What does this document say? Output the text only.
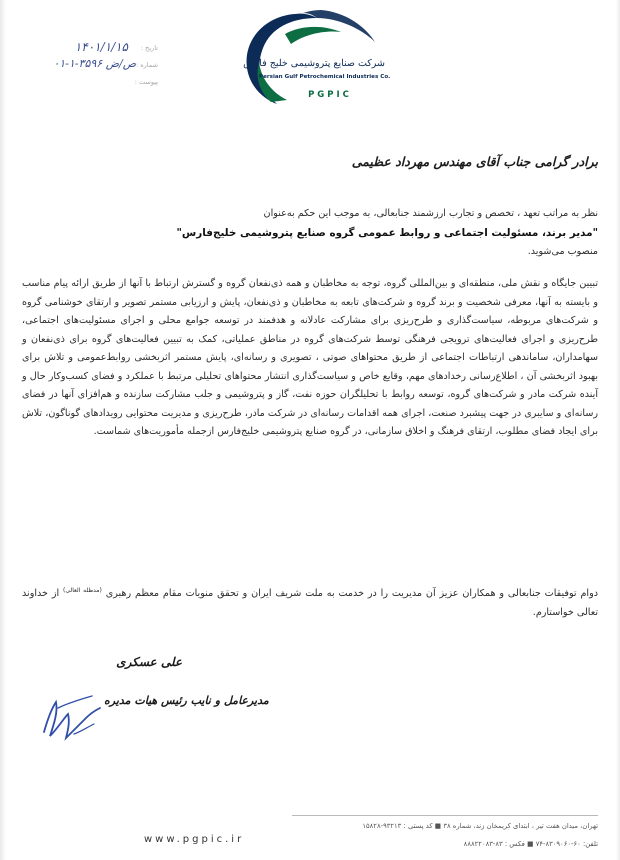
شرکت صنایع پتروشیمی خلیج فارس
Persian Gulf Petrochemical Industries Co.
PGPIC
تاریخ :
۱۴۰۱/۱/۱۵
شماره :
۰۱-۱-۳۵۹۶ ص/ض
پیوست :
برادر گرامی جناب آقای مهندس مهرداد عظیمی
نظر به مراتب تعهد ، تخصص و تجارب ارزشمند جنابعالی، به موجب این حکم به‌عنوان
"مدیر برند، مسئولیت اجتماعی و روابط عمومی گروه صنایع پتروشیمی خلیج‌فارس"
منصوب می‌شوید.
تبیین جایگاه و نقش ملی، منطقه‌ای و بین‌المللی گروه، توجه به مخاطبان و همه ذی‌نفعان گروه و گسترش ارتباط با آنها از طریق ارائه پیام مناسب و بایسته به آنها، معرفی شخصیت و برند گروه و شرکت‌های تابعه به مخاطبان و ذی‌نفعان، پایش و ارزیابی مستمر تصویر و ارتقای خوشنامی گروه و شرکت‌های مربوطه، سیاست‌گذاری و طرح‌ریزی برای مشارکت عادلانه و هدفمند در توسعه جوامع محلی و اجرای مسئولیت‌های اجتماعی، طرح‌ریزی و اجرای فعالیت‌های ترویجی فرهنگی توسط شرکت‌های گروه در مناطق عملیاتی، کمک به تبیین فعالیت‌های گروه برای ذی‌نفعان و سهامداران، ساماندهی ارتباطات اجتماعی از طریق محتواهای صوتی ، تصویری و رسانه‌ای، پایش مستمر اثربخشی روابط‌عمومی و تلاش برای بهبود اثربخشی آن ، اطلاع‌رسانی رخدادهای مهم، وقایع خاص و سیاست‌گذاری انتشار محتواهای تحلیلی مرتبط با عملکرد و فضای کسب‌وکار حال و آینده شرکت مادر و شرکت‌های گروه، توسعه روابط با تحلیلگران حوزه نفت، گاز و پتروشیمی و جلب مشارکت سازنده و هم‌افزای آنها در فضای رسانه‌ای و سایبری در جهت پیشبرد صنعت، اجرای همه اقدامات رسانه‌ای در شرکت مادر، طرح‌ریزی و مدیریت محتوایی رویدادهای گوناگون، تلاش برای ایجاد فضای مطلوب، ارتقای فرهنگ و اخلاق سازمانی، در گروه صنایع پتروشیمی خلیج‌فارس ازجمله مأموریت‌های شماست.
دوام توفیقات جنابعالی و همکاران عزیز آن مدیریت را در خدمت به ملت شریف ایران و تحقق منویات مقام معظم رهبری $^{(مدظله العالی)}$ از خداوند تعالی خواستارم.
علی عسکری
مدیرعامل و نایب رئیس هیات مدیره
تهران، میدان هفت تیر ، ابتدای کریمخان زند، شماره ۳۸ ■ کد پستی : ۹۳۲۱۳-۱۵۸۲۸
تلفن: ۶۰-۸۳۰۹۰۶۰-۷۴ ■ فکس : ۸۳-۸۸۸۲۲۰۸۳
www.pgpic.ir
